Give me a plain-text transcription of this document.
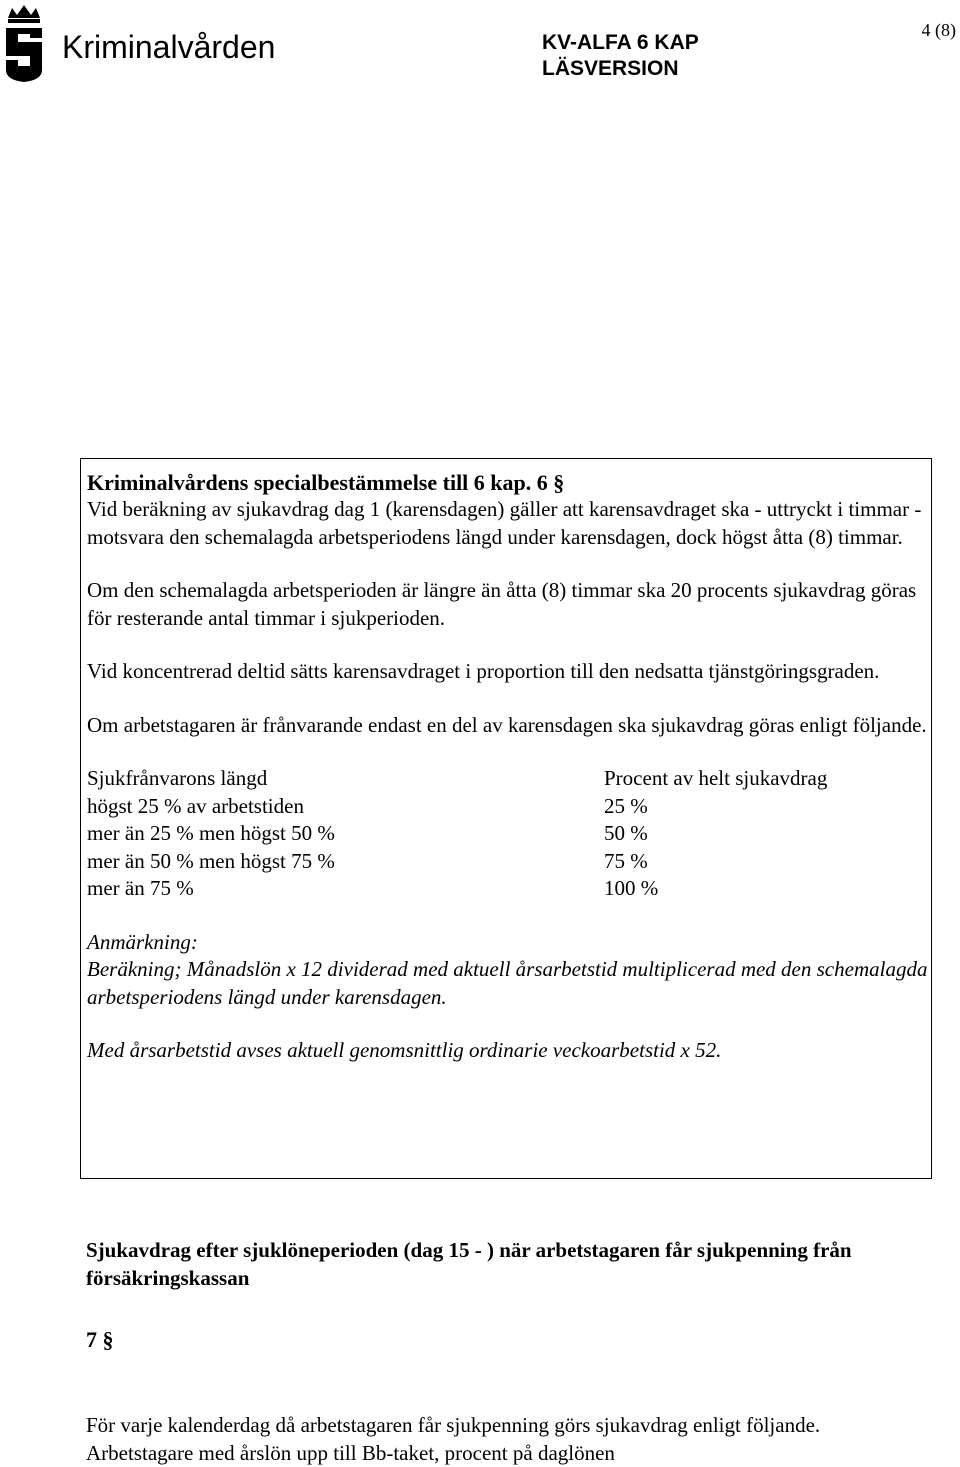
Kriminalvården	KV-ALFA 6 KAP
LÄSVERSION
4 (8)
Kriminalvårdens specialbestämmelse till 6 kap. 6 §

Vid beräkning av sjukavdrag dag 1 (karensdagen) gäller att karensavdraget ska - uttryckt i timmar - motsvara den schemalagda arbetsperiodens längd under karensdagen, dock högst åtta (8) timmar.

Om den schemalagda arbetsperioden är längre än åtta (8) timmar ska 20 procents sjukavdrag göras för resterande antal timmar i sjukperioden.

Vid koncentrerad deltid sätts karensavdraget i proportion till den nedsatta tjänstgöringsgraden.

Om arbetstagaren är frånvarande endast en del av karensdagen ska sjukavdrag göras enligt följande.

Sjukfrånvarons längd	Procent av helt sjukavdrag
högst 25 % av arbetstiden	25 %
mer än 25 % men högst 50 %	50 %
mer än 50 % men högst 75 %	75 %
mer än 75 %	100 %

Anmärkning:

Beräkning; Månadslön x 12 dividerad med aktuell årsarbetstid multiplicerad med den schemalagda arbetsperiodens längd under karensdagen.

Med årsarbetstid avses aktuell genomsnittlig ordinarie veckoarbetstid x 52.

Sjukavdrag efter sjuklöneperioden (dag 15 - ) när arbetstagaren får sjukpenning från försäkringskassan
7 §

För varje kalenderdag då arbetstagaren får sjukpenning görs sjukavdrag enligt följande.

Arbetstagare med årslön upp till Bb-taket, procent på daglönen
